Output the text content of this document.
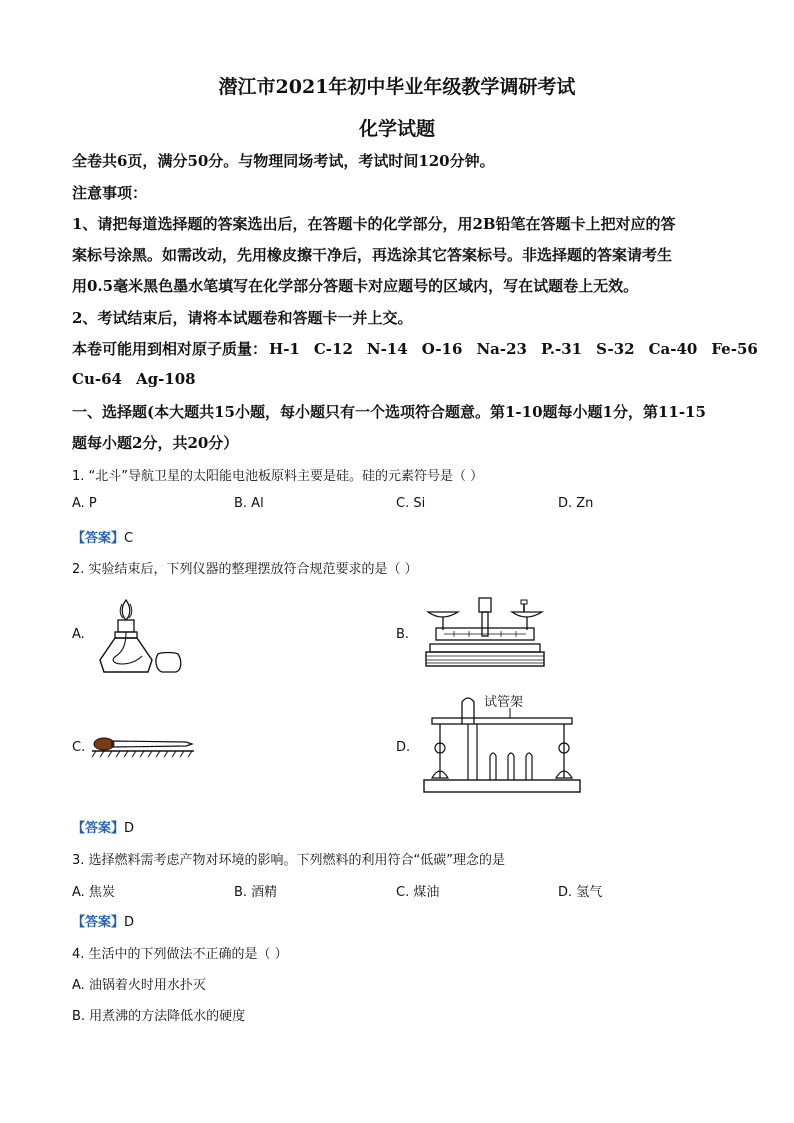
潜江市2021年初中毕业年级教学调研考试
化学试题
全卷共6页，满分50分。与物理同场考试，考试时间120分钟。
注意事项：
1、请把每道选择题的答案选出后，在答题卡的化学部分，用2B铅笔在答题卡上把对应的答
案标号涂黑。如需改动，先用橡皮擦干净后，再选涂其它答案标号。非选择题的答案请考生
用0.5毫米黑色墨水笔填写在化学部分答题卡对应题号的区域内，写在试题卷上无效。
2、考试结束后，请将本试题卷和答题卡一并上交。
本卷可能用到相对原子质量： H-1 C-12 N-14 O-16 Na-23 P.-31 S-32 Ca-40 Fe-56
Cu-64 Ag-108
一、选择题(本大题共15小题，每小题只有一个选项符合题意。第1-10题每小题1分，第11-15
题每小题2分，共20分）
1. “北斗”导航卫星的太阳能电池板原料主要是硅。硅的元素符号是（ ）
A. P	B. Al	C. Si	D. Zn
【答案】C
2. 实验结束后，下列仪器的整理摆放符合规范要求的是（ ）
A.	B.
C.	D.
试管架
【答案】D
3. 选择燃料需考虑产物对环境的影响。下列燃料的利用符合“低碳”理念的是
A. 焦炭	B. 酒精	C. 煤油	D. 氢气
【答案】D
4. 生活中的下列做法不正确的是（ ）
A. 油锅着火时用水扑灭
B. 用煮沸的方法降低水的硬度
